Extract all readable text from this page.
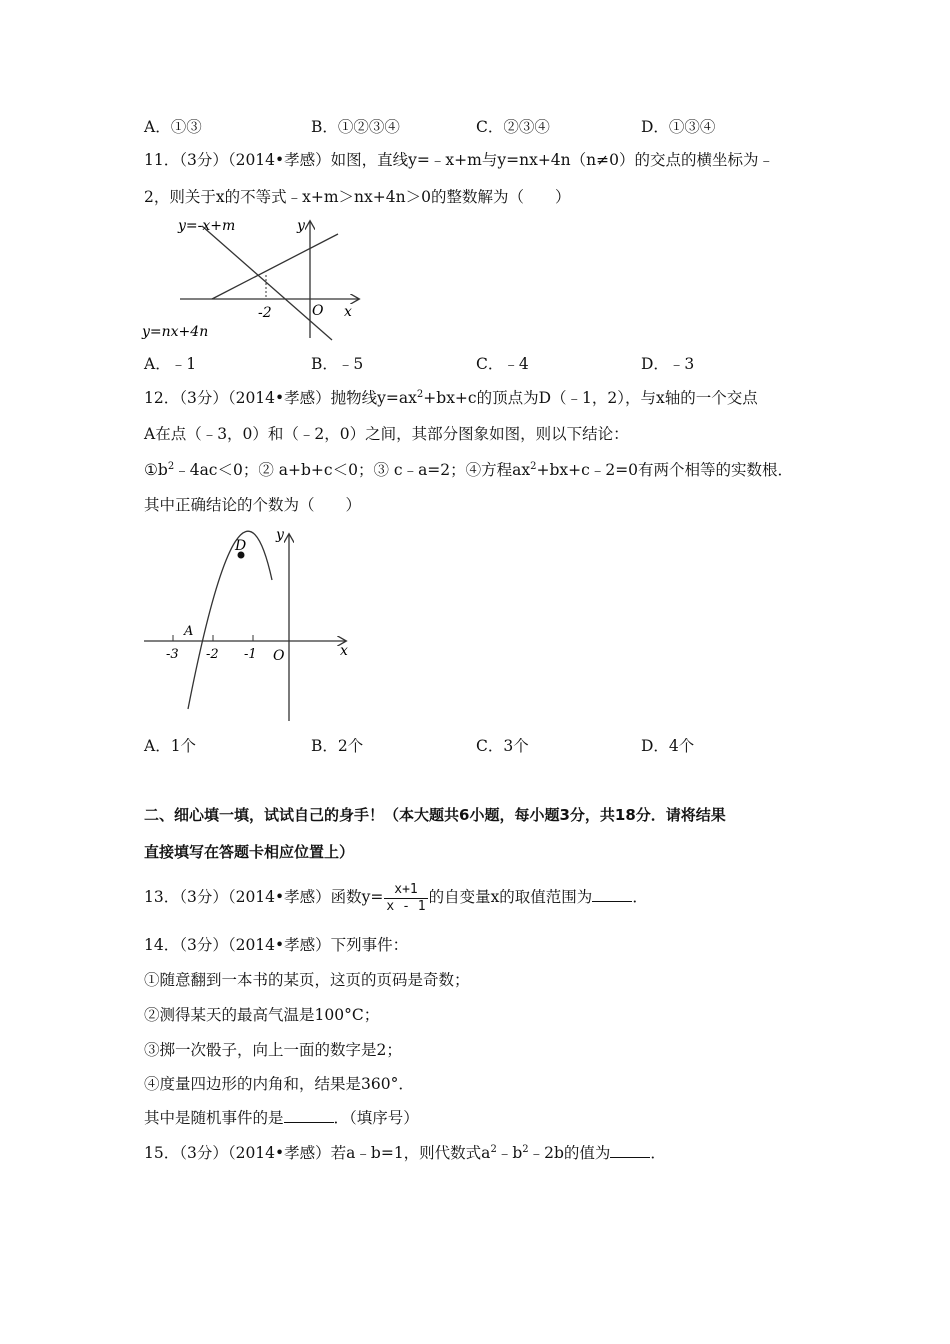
A．①③	B．①②③④	C．②③④	D．①③④
11．（3分）（2014•孝感）如图，直线y=﹣x+m与y=nx+4n（n≠0）的交点的横坐标为﹣
2，则关于x的不等式﹣x+m＞nx+4n＞0的整数解为（　　）
y=-x+m
y=nx+4n
y
x
O
-2
A．﹣1	B．﹣5	C．﹣4	D．﹣3
12．（3分）（2014•孝感）抛物线$y=ax^2+bx+c$的顶点为D（﹣1，2），与x轴的一个交点
A在点（﹣3，0）和（﹣2，0）之间，其部分图象如图，则以下结论：
$①b^2﹣4ac<0$；② a+b+c＜0；③ c﹣a=2；④方程$ax^2+bx+c﹣2=0$有两个相等的实数根．
其中正确结论的个数为（　　）
D
A
y
x
O
-3 -2 -1
A．1个	B．2个	C．3个	D．4个
二、细心填一填，试试自己的身手！（本大题共6小题，每小题3分，共18分．请将结果
直接填写在答题卡相应位置上）
13．（3分）（2014•孝感）函数$y= \frac{x+1}{x - 1}$ 的自变量x的取值范围为	．
14．（3分）（2014•孝感）下列事件：
①随意翻到一本书的某页，这页的页码是奇数；
②测得某天的最高气温是100°C；
③掷一次骰子，向上一面的数字是2；
④度量四边形的内角和，结果是360°．
其中是随机事件的是	．（填序号）
15．（3分）（2014•孝感）若a﹣b=1，则代数式$a^2﹣b^2﹣2b$的值为	．
